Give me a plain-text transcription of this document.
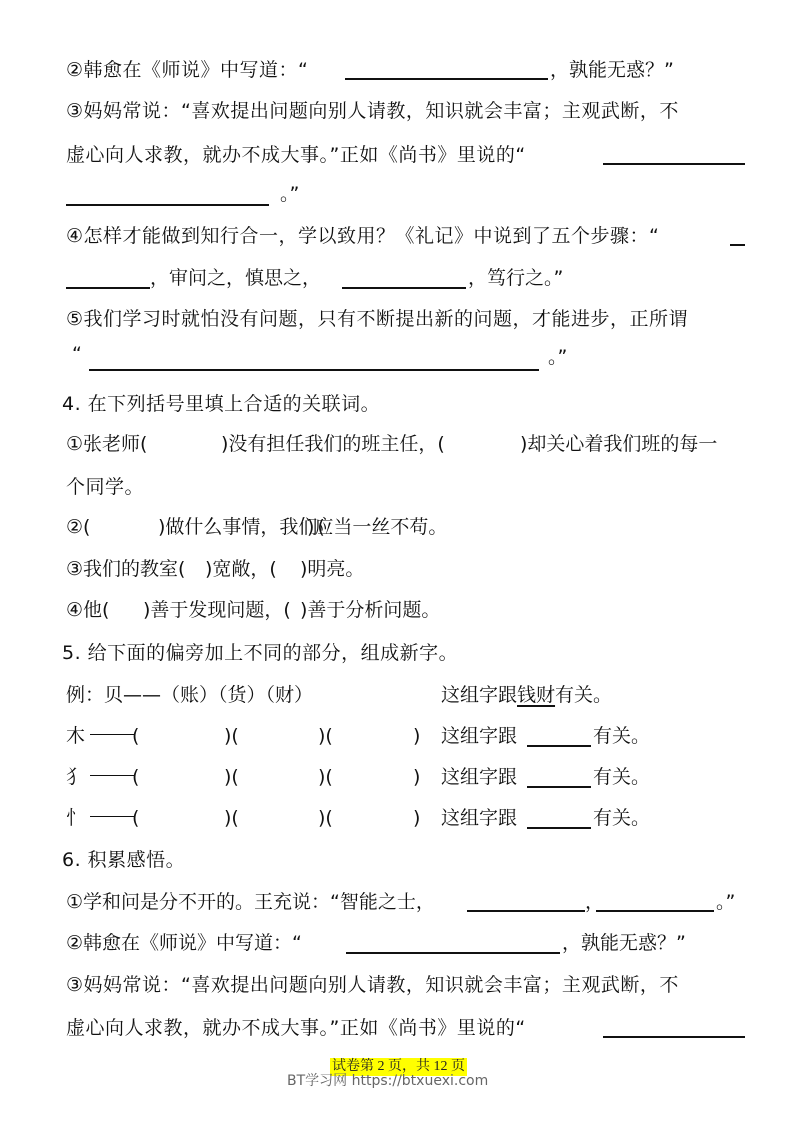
②韩愈在《师说》中写道：“	，孰能无惑？”
③妈妈常说：“喜欢提出问题向别人请教，知识就会丰富；主观武断，不
虚心向人求教，就办不成大事。”正如《尚书》里说的“
。”
④怎样才能做到知行合一，学以致用？《礼记》中说到了五个步骤：“
，审问之，慎思之，	，笃行之。”
⑤我们学习时就怕没有问题，只有不断提出新的问题，才能进步，正所谓
“	。”
4. 在下列括号里填上合适的关联词。
①张老师(	)没有担任我们的班主任，(	)却关心着我们班的每一
个同学。
②(	)做什么事情，我们(
)应当一丝不苟。
③我们的教室( )宽敞，( )明亮。
④他( )善于发现问题，( )善于分析问题。
5. 给下面的偏旁加上不同的部分，组成新字。
例：贝——（账）（货）（财）	这组字跟钱财有关。
木 (	)(	)(	) 这组字跟	有关。
犭 (	)(	)(	) 这组字跟	有关。
忄 (	)(	)(	) 这组字跟	有关。
6. 积累感悟。
①学和问是分不开的。王充说：“智能之士，	，	。”
②韩愈在《师说》中写道：“	，孰能无惑？”
③妈妈常说：“喜欢提出问题向别人请教，知识就会丰富；主观武断，不
虚心向人求教，就办不成大事。”正如《尚书》里说的“
试卷第 2 页，共 12 页
BT学习网 https://btxuexi.com
